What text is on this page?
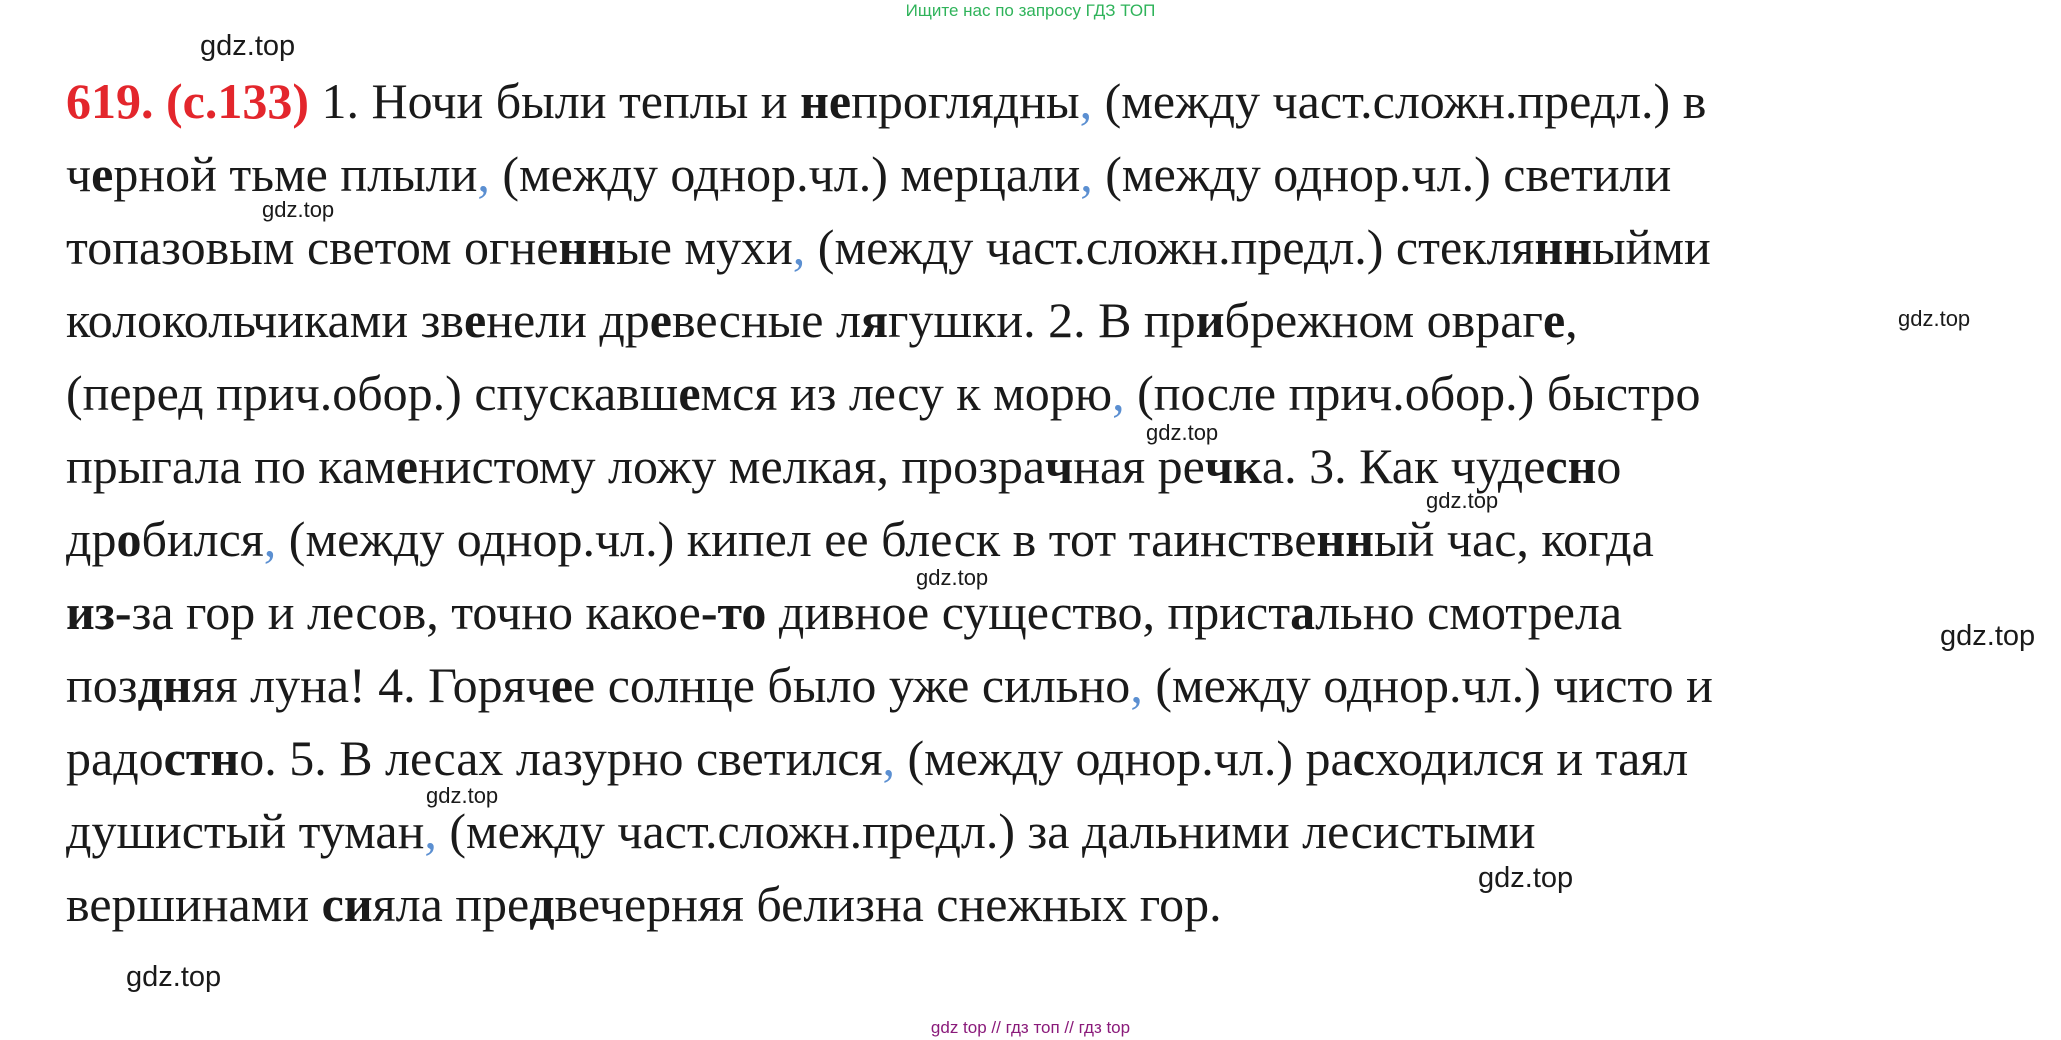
Ищите нас по запросу ГДЗ ТОП
619. (с.133) 1. Ночи были теплы и непроглядны, (между част.сложн.предл.) в
черной тьме плыли, (между однор.чл.) мерцали, (между однор.чл.) светили
топазовым светом огненные мухи, (между част.сложн.предл.) стеклянныйми
колокольчиками звенели древесные лягушки. 2. В прибрежном овраге,
(перед прич.обор.) спускавшемся из лесу к морю, (после прич.обор.) быстро
прыгала по каменистому ложу мелкая, прозрачная речка. 3. Как чудесно
дробился, (между однор.чл.) кипел ее блеск в тот таинственный час, когда
из-за гор и лесов, точно какое-то дивное существо, пристально смотрела
поздняя луна! 4. Горячее солнце было уже сильно, (между однор.чл.) чисто и
радостно. 5. В лесах лазурно светился, (между однор.чл.) расходился и таял
душистый туман, (между част.сложн.предл.) за дальними лесистыми
вершинами сияла предвечерняя белизна снежных гор.
gdz.top
gdz.top
gdz.top
gdz.top
gdz.top
gdz.top
gdz.top
gdz.top
gdz.top
gdz.top
gdz top // гдз топ // гдз top
